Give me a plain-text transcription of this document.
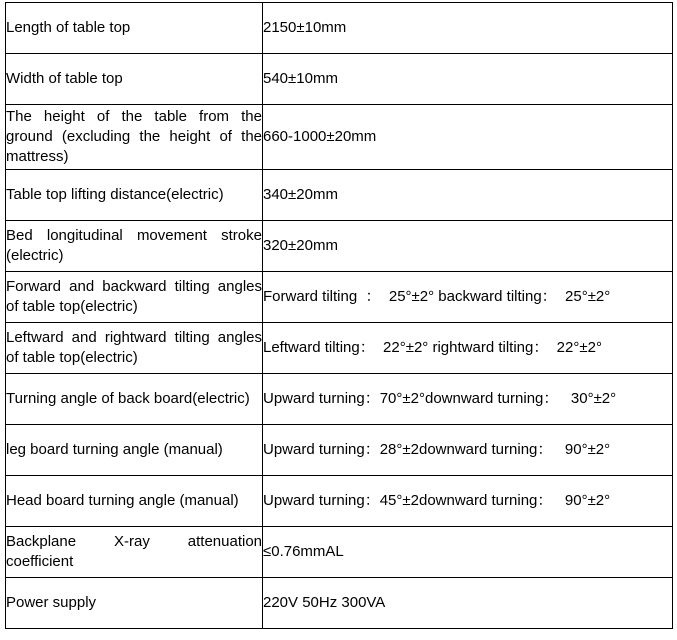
Length of table top	2150±10mm
Width of table top	540±10mm
The height of the table from the ground (excluding the height of the mattress)	660-1000±20mm
Table top lifting distance(electric)	340±20mm
Bed longitudinal movement stroke (electric)	320±20mm
Forward and backward tilting angles of table top(electric)	Forward tilting  ：  25°±2° backward tilting：  25°±2°
Leftward and rightward tilting angles of table top(electric)	Leftward tilting：  22°±2° rightward tilting：  22°±2°
Turning angle of back board(electric)	Upward turning：70°±2°downward turning：   30°±2°
leg board turning angle (manual)	Upward turning：28°±2downward turning：   90°±2°
Head board turning angle (manual)	Upward turning：45°±2downward turning：   90°±2°
Backplane X-ray attenuation coefficient	≤0.76mmAL
Power supply	220V 50Hz 300VA
